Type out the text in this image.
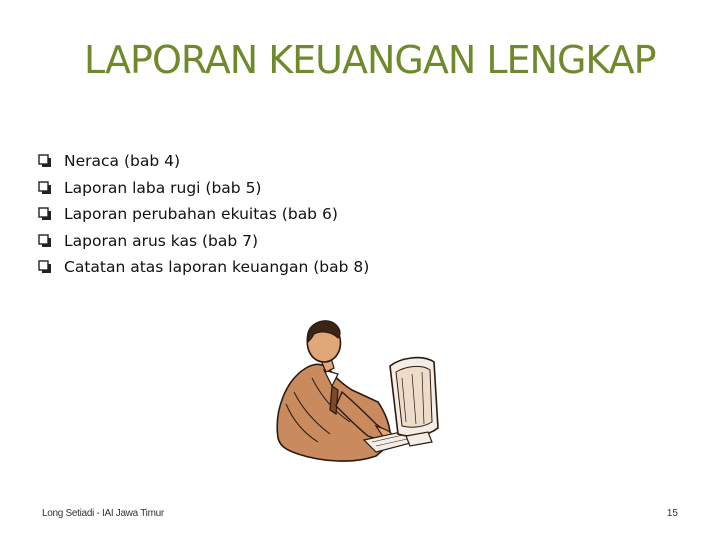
LAPORAN KEUANGAN LENGKAP
Neraca (bab 4)
Laporan laba rugi (bab 5)
Laporan perubahan ekuitas (bab 6)
Laporan arus kas (bab 7)
Catatan atas laporan keuangan (bab 8)
Long Setiadi - IAI Jawa Timur	15
